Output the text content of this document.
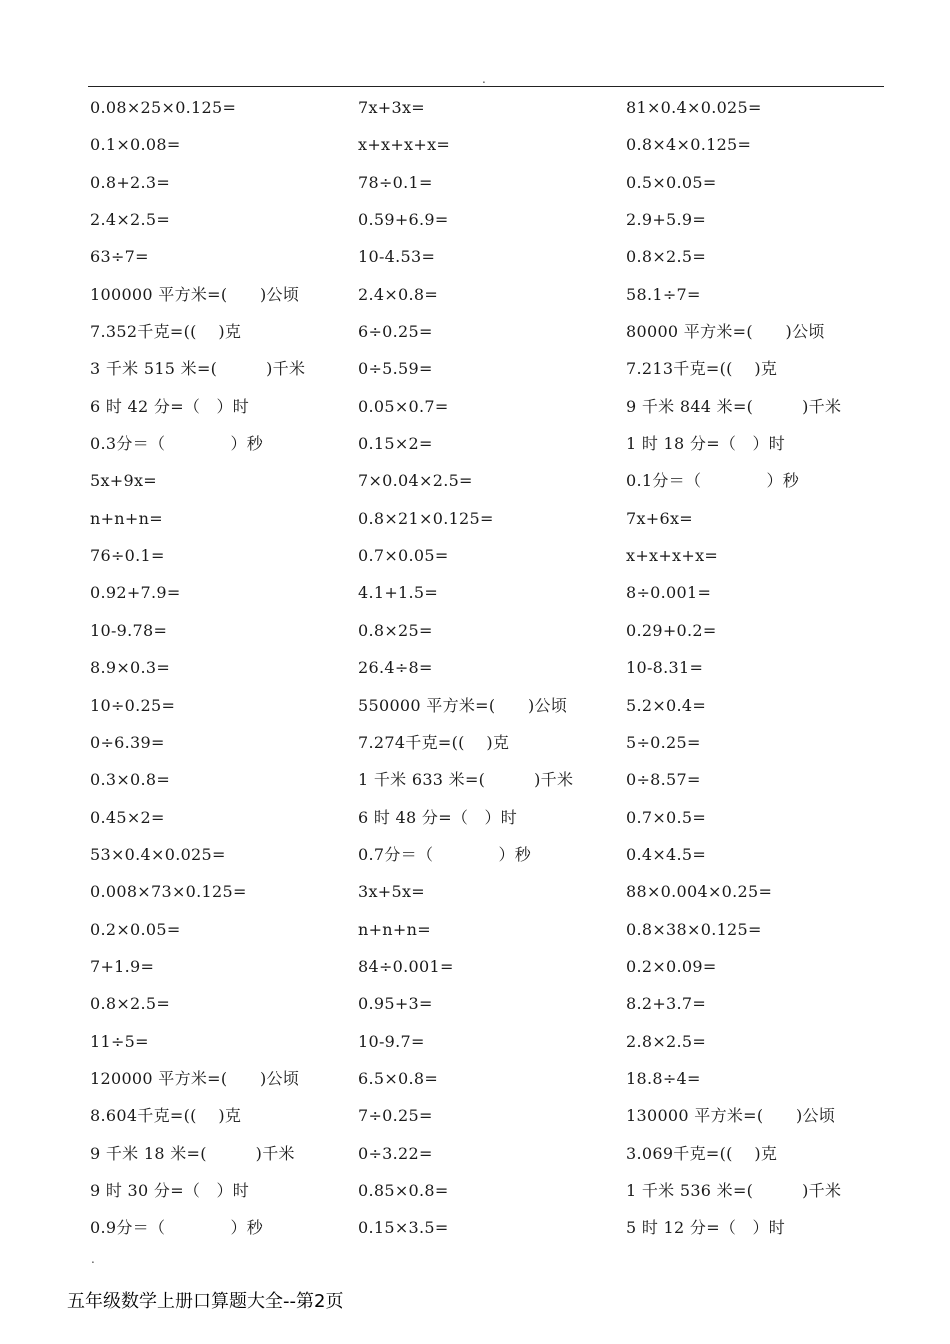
.
0.08×25×0.125=	7x+3x=	81×0.4×0.025=
0.1×0.08=	x+x+x+x=	0.8×4×0.125=
0.8+2.3=	78÷0.1=	0.5×0.05=
2.4×2.5=	0.59+6.9=	2.9+5.9=
63÷7=	10-4.53=	0.8×2.5=
100000 平方米=(　　)公顷	2.4×0.8=	58.1÷7=
7.352千克=((　 )克	6÷0.25=	80000 平方米=(　　)公顷
3 千米 515 米=(　　　)千米	0÷5.59=	7.213千克=((　 )克
6 时 42 分=（　）时	0.05×0.7=	9 千米 844 米=(　　　)千米
0.3分＝（　　　　）秒	0.15×2=	1 时 18 分=（　）时
5x+9x=	7×0.04×2.5=	0.1分＝（　　　　）秒
n+n+n=	0.8×21×0.125=	7x+6x=
76÷0.1=	0.7×0.05=	x+x+x+x=
0.92+7.9=	4.1+1.5=	8÷0.001=
10-9.78=	0.8×25=	0.29+0.2=
8.9×0.3=	26.4÷8=	10-8.31=
10÷0.25=	550000 平方米=(　　)公顷	5.2×0.4=
0÷6.39=	7.274千克=((　 )克	5÷0.25=
0.3×0.8=	1 千米 633 米=(　　　)千米	0÷8.57=
0.45×2=	6 时 48 分=（　）时	0.7×0.5=
53×0.4×0.025=	0.7分＝（　　　　）秒	0.4×4.5=
0.008×73×0.125=	3x+5x=	88×0.004×0.25=
0.2×0.05=	n+n+n=	0.8×38×0.125=
7+1.9=	84÷0.001=	0.2×0.09=
0.8×2.5=	0.95+3=	8.2+3.7=
11÷5=	10-9.7=	2.8×2.5=
120000 平方米=(　　)公顷	6.5×0.8=	18.8÷4=
8.604千克=((　 )克	7÷0.25=	130000 平方米=(　　)公顷
9 千米 18 米=(　　　)千米	0÷3.22=	3.069千克=((　 )克
9 时 30 分=（　）时	0.85×0.8=	1 千米 536 米=(　　　)千米
0.9分＝（　　　　）秒	0.15×3.5=	5 时 12 分=（　）时
.
五年级数学上册口算题大全--第2页
